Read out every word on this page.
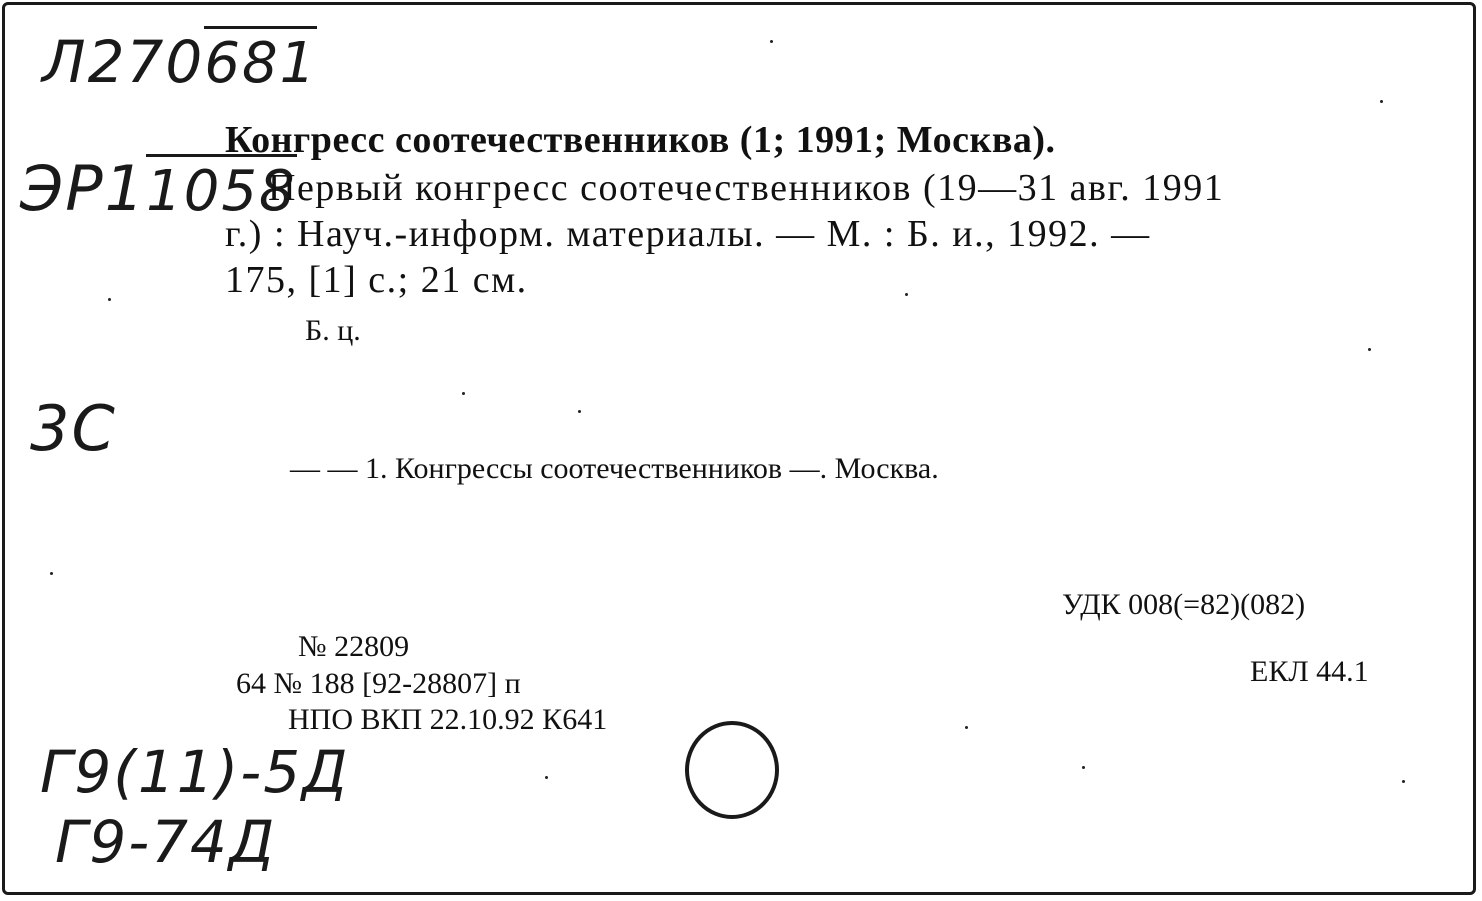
Л270681
ЭР11058
3C
Г9(11)-5Д
Г9-74Д
Конгресс соотечественников (1; 1991; Москва).
Первый конгресс соотечественников (19—31 авг. 1991
г.) : Науч.-информ. материалы. — М. : Б. и., 1992. —
175, [1] с.; 21 см.
Б. ц.
— — 1. Конгрессы соотечественников —. Москва.
УДК 008(=82)(082)
ЕКЛ 44.1
№ 22809
64 № 188 [92-28807] п
НПО ВКП 22.10.92 К641
